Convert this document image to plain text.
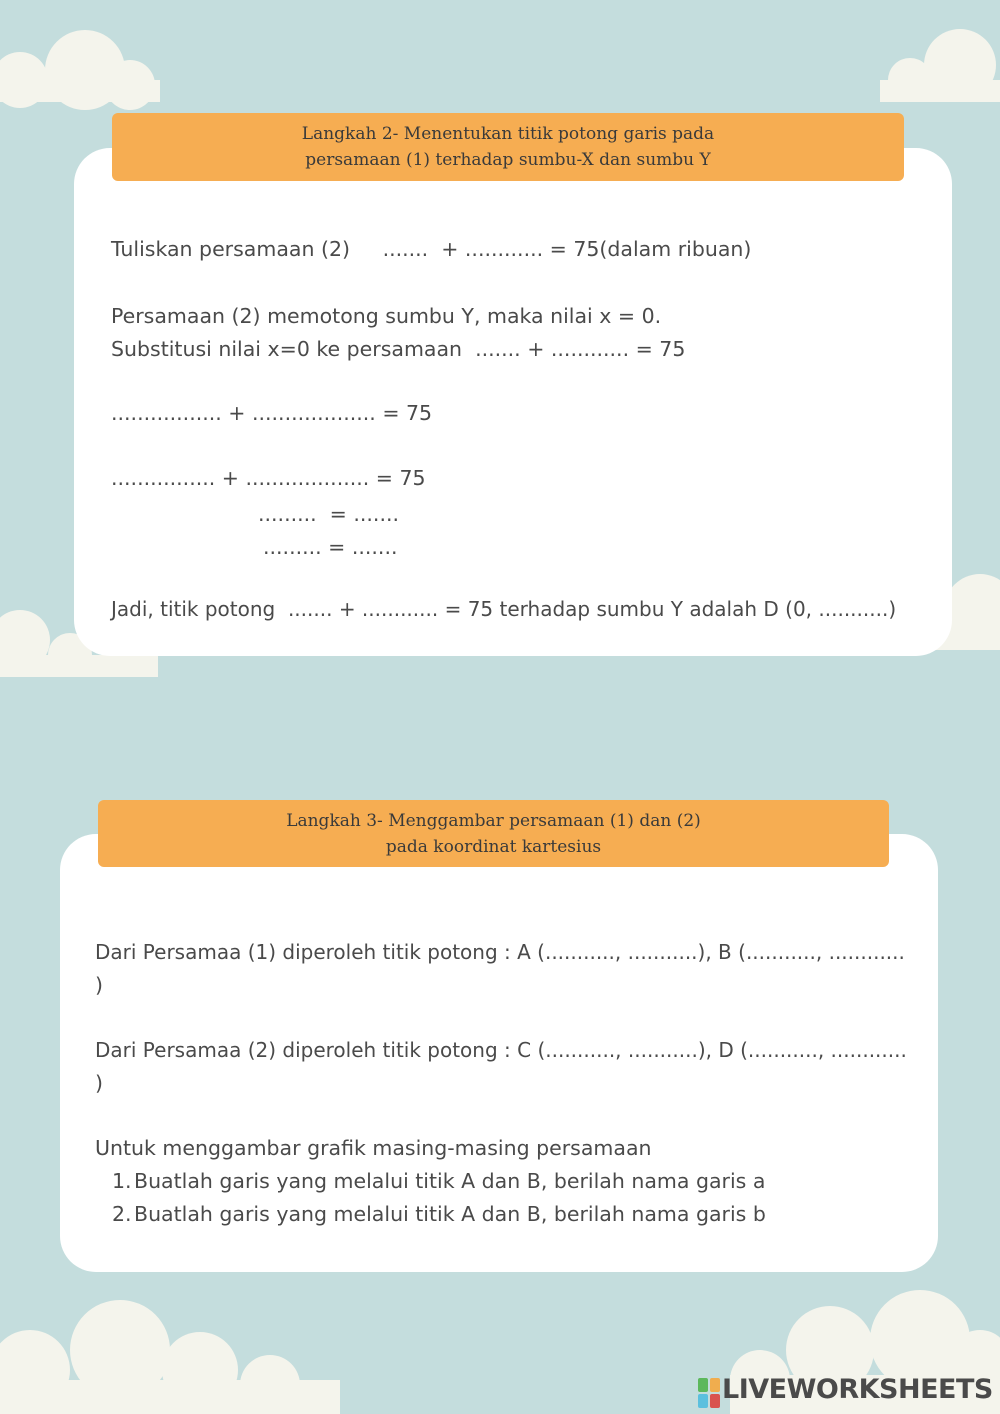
Langkah 2- Menentukan titik potong garis pada
persamaan (1) terhadap sumbu-X dan sumbu Y
Tuliskan persamaan (2)     .......  + ............ = 75(dalam ribuan)
Persamaan (2) memotong sumbu Y, maka nilai x = 0.
Substitusi nilai x=0 ke persamaan  ....... + ............ = 75
................. + ................... = 75
................ + ................... = 75
.........  = .......
......... = .......
Jadi, titik potong  ....... + ............ = 75 terhadap sumbu Y adalah D (0, ...........)
Langkah 3- Menggambar persamaan (1) dan (2)
pada koordinat kartesius
Dari Persamaa (1) diperoleh titik potong : A (..........., ...........), B (..........., ............
)
Dari Persamaa (2) diperoleh titik potong : C (..........., ...........), D (..........., ............
)
Untuk menggambar grafik masing-masing persamaan
1. Buatlah garis yang melalui titik A dan B, berilah nama garis a
2. Buatlah garis yang melalui titik A dan B, berilah nama garis b
LIVEWORKSHEETS
